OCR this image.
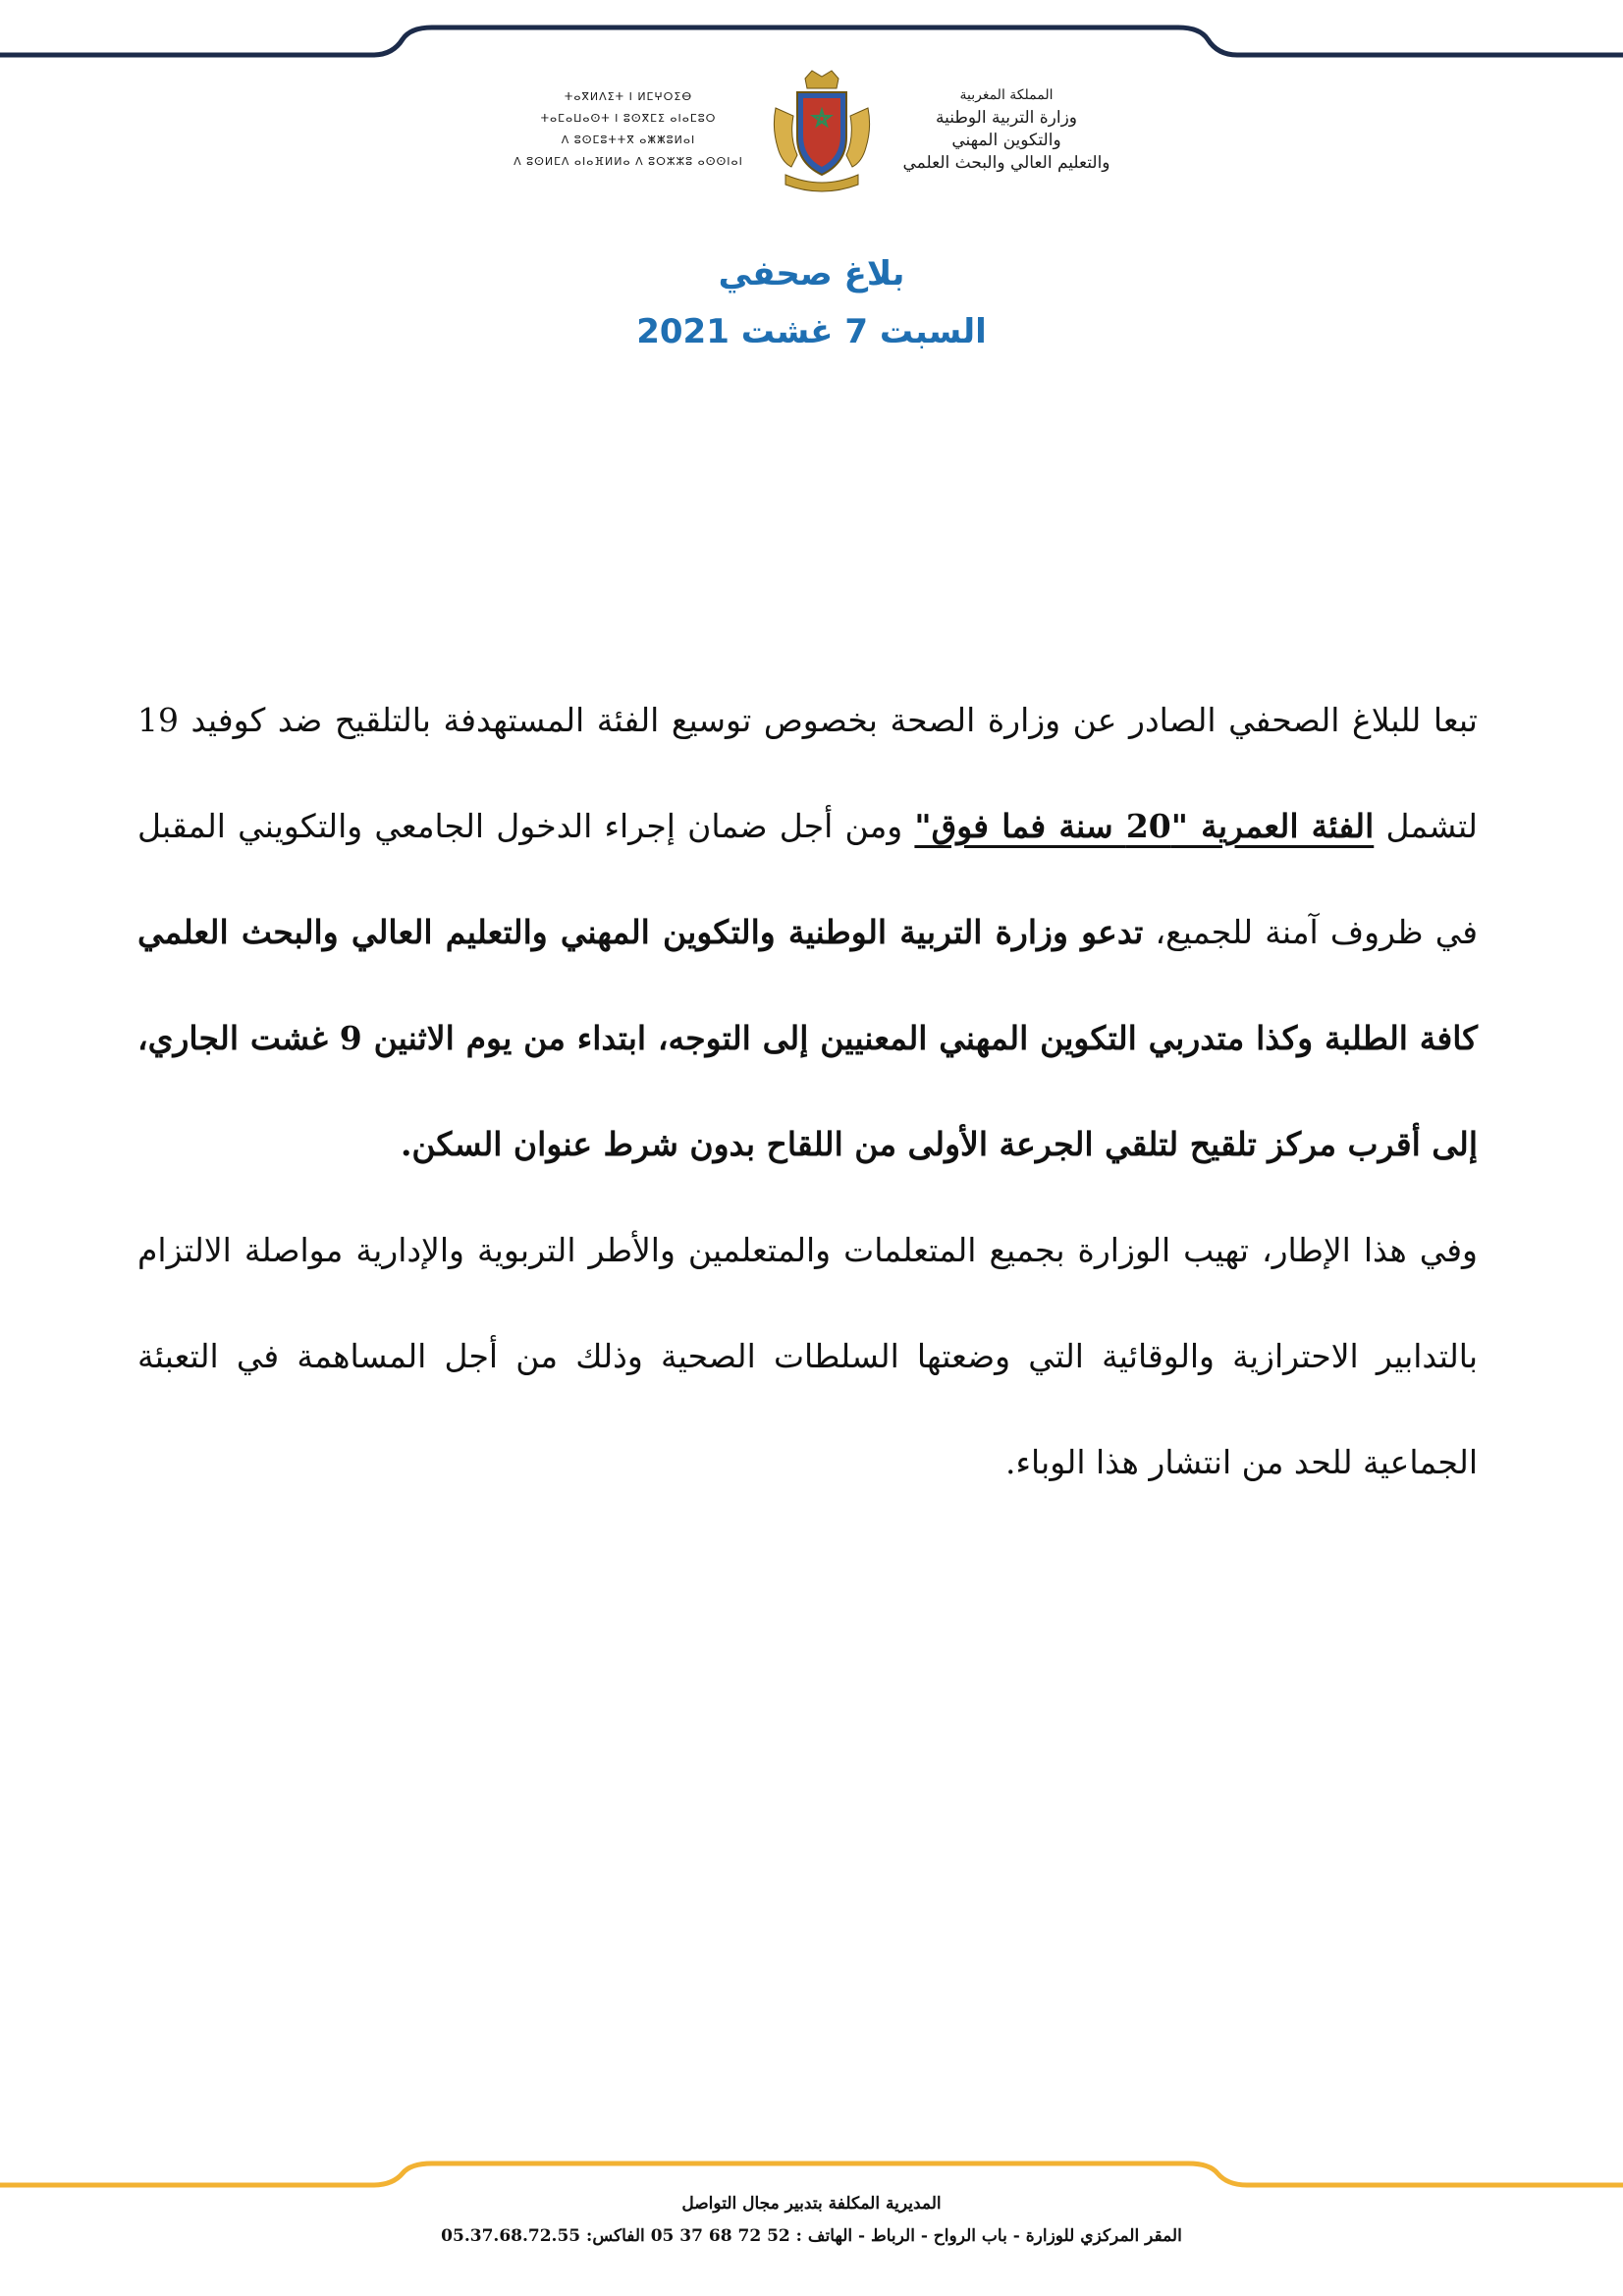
ⵜⴰⴳⵍⴷⵉⵜ ⵏ ⵍⵎⵖⵔⵉⴱ
ⵜⴰⵎⴰⵡⴰⵙⵜ ⵏ ⵓⵙⴳⵎⵉ ⴰⵏⴰⵎⵓⵔ
ⴷ ⵓⵙⵎⵓⵜⵜⴳ ⴰⵥⵥⵓⵍⴰⵏ
ⴷ ⵓⵙⵍⵎⴷ ⴰⵏⴰⴼⵍⵍⴰ ⴷ ⵓⵔⵣⵣⵓ ⴰⵙⵙⵏⴰⵏ
المملكة المغربية
وزارة التربية الوطنية
والتكوين المهني
والتعليم العالي والبحث العلمي
بلاغ صحفي
السبت 7 غشت 2021

تبعا للبلاغ الصحفي الصادر عن وزارة الصحة بخصوص توسيع الفئة المستهدفة بالتلقيح ضد كوفيد 19 لتشمل الفئة العمرية "20 سنة فما فوق" ومن أجل ضمان إجراء الدخول الجامعي والتكويني المقبل في ظروف آمنة للجميع، تدعو وزارة التربية الوطنية والتكوين المهني والتعليم العالي والبحث العلمي كافة الطلبة وكذا متدربي التكوين المهني المعنيين إلى التوجه، ابتداء من يوم الاثنين 9 غشت الجاري، إلى أقرب مركز تلقيح لتلقي الجرعة الأولى من اللقاح بدون شرط عنوان السكن.

وفي هذا الإطار، تهيب الوزارة بجميع المتعلمات والمتعلمين والأطر التربوية والإدارية مواصلة الالتزام بالتدابير الاحترازية والوقائية التي وضعتها السلطات الصحية وذلك من أجل المساهمة في التعبئة الجماعية للحد من انتشار هذا الوباء.

المديرية المكلفة بتدبير مجال التواصل
المقر المركزي للوزارة - باب الرواح - الرباط - الهاتف : 52 72 68 37 05 الفاكس: 05.37.68.72.55
